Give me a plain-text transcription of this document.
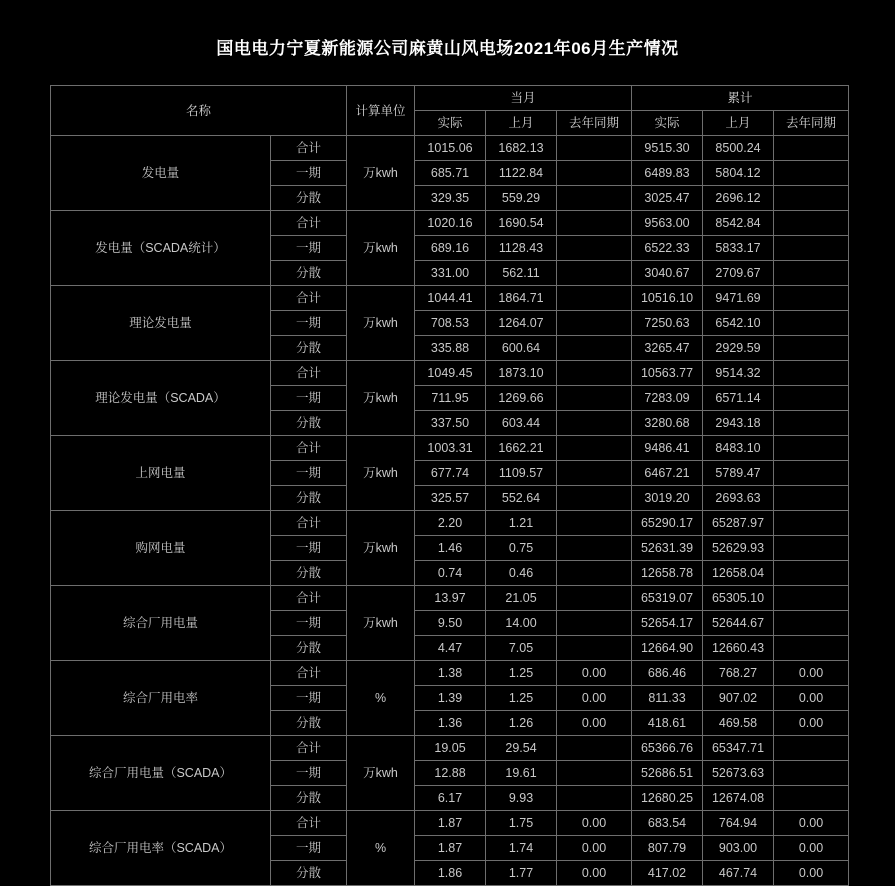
国电电力宁夏新能源公司麻黄山风电场2021年06月生产情况
名称		计算单位	当月			累计		
			实际	上月	去年同期	实际	上月	去年同期
发电量	合计	万kwh	1015.06	1682.13		9515.30	8500.24	
	一期		685.71	1122.84		6489.83	5804.12	
	分散		329.35	559.29		3025.47	2696.12	
发电量（SCADA统计）	合计	万kwh	1020.16	1690.54		9563.00	8542.84	
	一期		689.16	1128.43		6522.33	5833.17	
	分散		331.00	562.11		3040.67	2709.67	
理论发电量	合计	万kwh	1044.41	1864.71		10516.10	9471.69	
	一期		708.53	1264.07		7250.63	6542.10	
	分散		335.88	600.64		3265.47	2929.59	
理论发电量（SCADA）	合计	万kwh	1049.45	1873.10		10563.77	9514.32	
	一期		711.95	1269.66		7283.09	6571.14	
	分散		337.50	603.44		3280.68	2943.18	
上网电量	合计	万kwh	1003.31	1662.21		9486.41	8483.10	
	一期		677.74	1109.57		6467.21	5789.47	
	分散		325.57	552.64		3019.20	2693.63	
购网电量	合计	万kwh	2.20	1.21		65290.17	65287.97	
	一期		1.46	0.75		52631.39	52629.93	
	分散		0.74	0.46		12658.78	12658.04	
综合厂用电量	合计	万kwh	13.97	21.05		65319.07	65305.10	
	一期		9.50	14.00		52654.17	52644.67	
	分散		4.47	7.05		12664.90	12660.43	
综合厂用电率	合计	%	1.38	1.25	0.00	686.46	768.27	0.00
	一期		1.39	1.25	0.00	811.33	907.02	0.00
	分散		1.36	1.26	0.00	418.61	469.58	0.00
综合厂用电量（SCADA）	合计	万kwh	19.05	29.54		65366.76	65347.71	
	一期		12.88	19.61		52686.51	52673.63	
	分散		6.17	9.93		12680.25	12674.08	
综合厂用电率（SCADA）	合计	%	1.87	1.75	0.00	683.54	764.94	0.00
	一期		1.87	1.74	0.00	807.79	903.00	0.00
	分散		1.86	1.77	0.00	417.02	467.74	0.00
